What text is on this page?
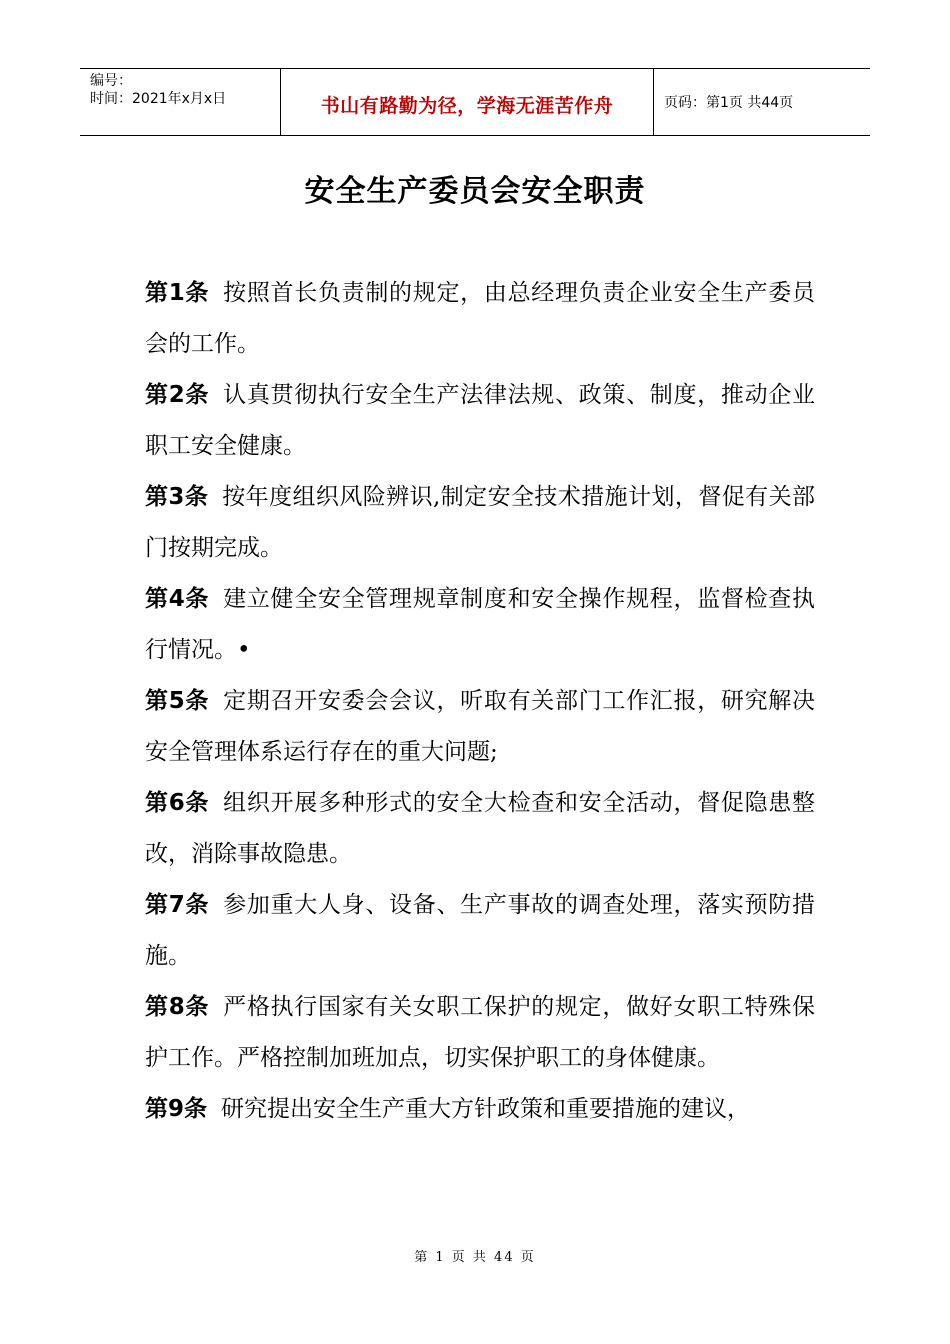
编号：
时间：2021年x月x日	书山有路勤为径，学海无涯苦作舟	页码：第1页 共44页
安全生产委员会安全职责

第1条 按照首长负责制的规定，由总经理负责企业安全生产委员会的工作。

第2条 认真贯彻执行安全生产法律法规、政策、制度，推动企业职工安全健康。

第3条 按年度组织风险辨识,制定安全技术措施计划，督促有关部门按期完成。

第4条 建立健全安全管理规章制度和安全操作规程，监督检查执行情况。•

第5条 定期召开安委会会议，听取有关部门工作汇报，研究解决安全管理体系运行存在的重大问题;

第6条 组织开展多种形式的安全大检查和安全活动，督促隐患整改，消除事故隐患。

第7条 参加重大人身、设备、生产事故的调查处理，落实预防措施。

第8条 严格执行国家有关女职工保护的规定，做好女职工特殊保护工作。严格控制加班加点，切实保护职工的身体健康。

第9条 研究提出安全生产重大方针政策和重要措施的建议，

第 1 页 共 44 页
